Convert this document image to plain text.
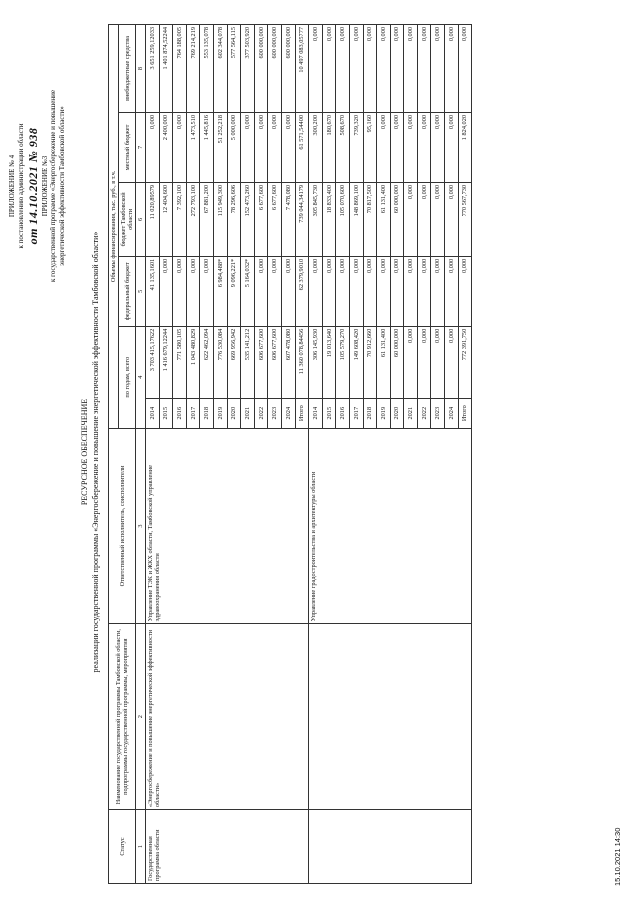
ПРИЛОЖЕНИЕ № 4 к постановлению администрации области от 14.10.2021 № 938 ПРИЛОЖЕНИЕ №3 к государственной программе «Энергосбережение и повышение энергетической эффективности Тамбовской области»
РЕСУРСНОЕ ОБЕСПЕЧЕНИЕ реализации государственной программы «Энергосбережение и повышение энергетической эффективности Тамбовской области»
Статус	Наименование государственной программы Тамбовской области, подпрограммы государственной программы, мероприятия	Ответственный исполнитель, соисполнители	Объемы финансирования, тыс. руб., в т.ч.					
			по годам, всего		федеральный бюджет	бюджет Тамбовской области	местный бюджет	внебюджетные средства
1	2	3	4		5	6	7	8
Государственная программа области	«Энергосбережение и повышение энергетической эффективности области»	Управление ТЭК и ЖКХ области, Тамбовской управление здравоохранения области	2014	3 703 415,17622	41 135,1601	11 020,89579	0,000	3 651 259,12033
			2015	1 416 679,12244	0,000	12 404,600	2 400,000	1 401 874,52244
			2016	771 580,105	0,000	7 392,100	0,000	764 188,005
			2017	1 043 480,829	0,000	272 793,100	1 473,510	769 214,219
			2018	622 462,094	0,000	67 881,200	1 445,816	553 135,078
			2019	776 530,084	6 984,488*	115 949,300	51 252,218	602 344,078
			2020	669 956,942	9 096,221*	78 296,606	5 000,000	577 564,115
			2021	535 141,212	5 164,032*	152 473,260	0,000	377 503,920
			2022	606 677,600	0,000	6 677,600	0,000	600 000,000
			2023	606 677,600	0,000	6 677,600	0,000	600 000,000
			2024	607 478,080	0,000	7 478,080	0,000	600 000,000
			Итого	11 360 078,84456	62 379,9010	739 044,34179	61 571,54400	10 497 083,05777
		Управление градостроительства и архитектуры области	2014	306 145,930	0,000	305 845,730	300,200	0,000
			2015	19 013,640	0,000	18 833,400	180,670	0,000
			2016	105 579,270	0,000	105 070,600	508,670	0,000
			2017	149 608,420	0,000	148 869,100	739,320	0,000
			2018	70 912,660	0,000	70 817,500	95,160	0,000
			2019	61 131,400	0,000	61 131,400	0,000	0,000
			2020	60 000,000	0,000	60 000,000	0,000	0,000
			2021	0,000	0,000	0,000	0,000	0,000
			2022	0,000	0,000	0,000	0,000	0,000
			2023	0,000	0,000	0,000	0,000	0,000
			2024	0,000	0,000	0,000	0,000	0,000
			Итого	772 391,750	0,000	770 567,730	1 824,020	0,000
15.10.2021 14:30
